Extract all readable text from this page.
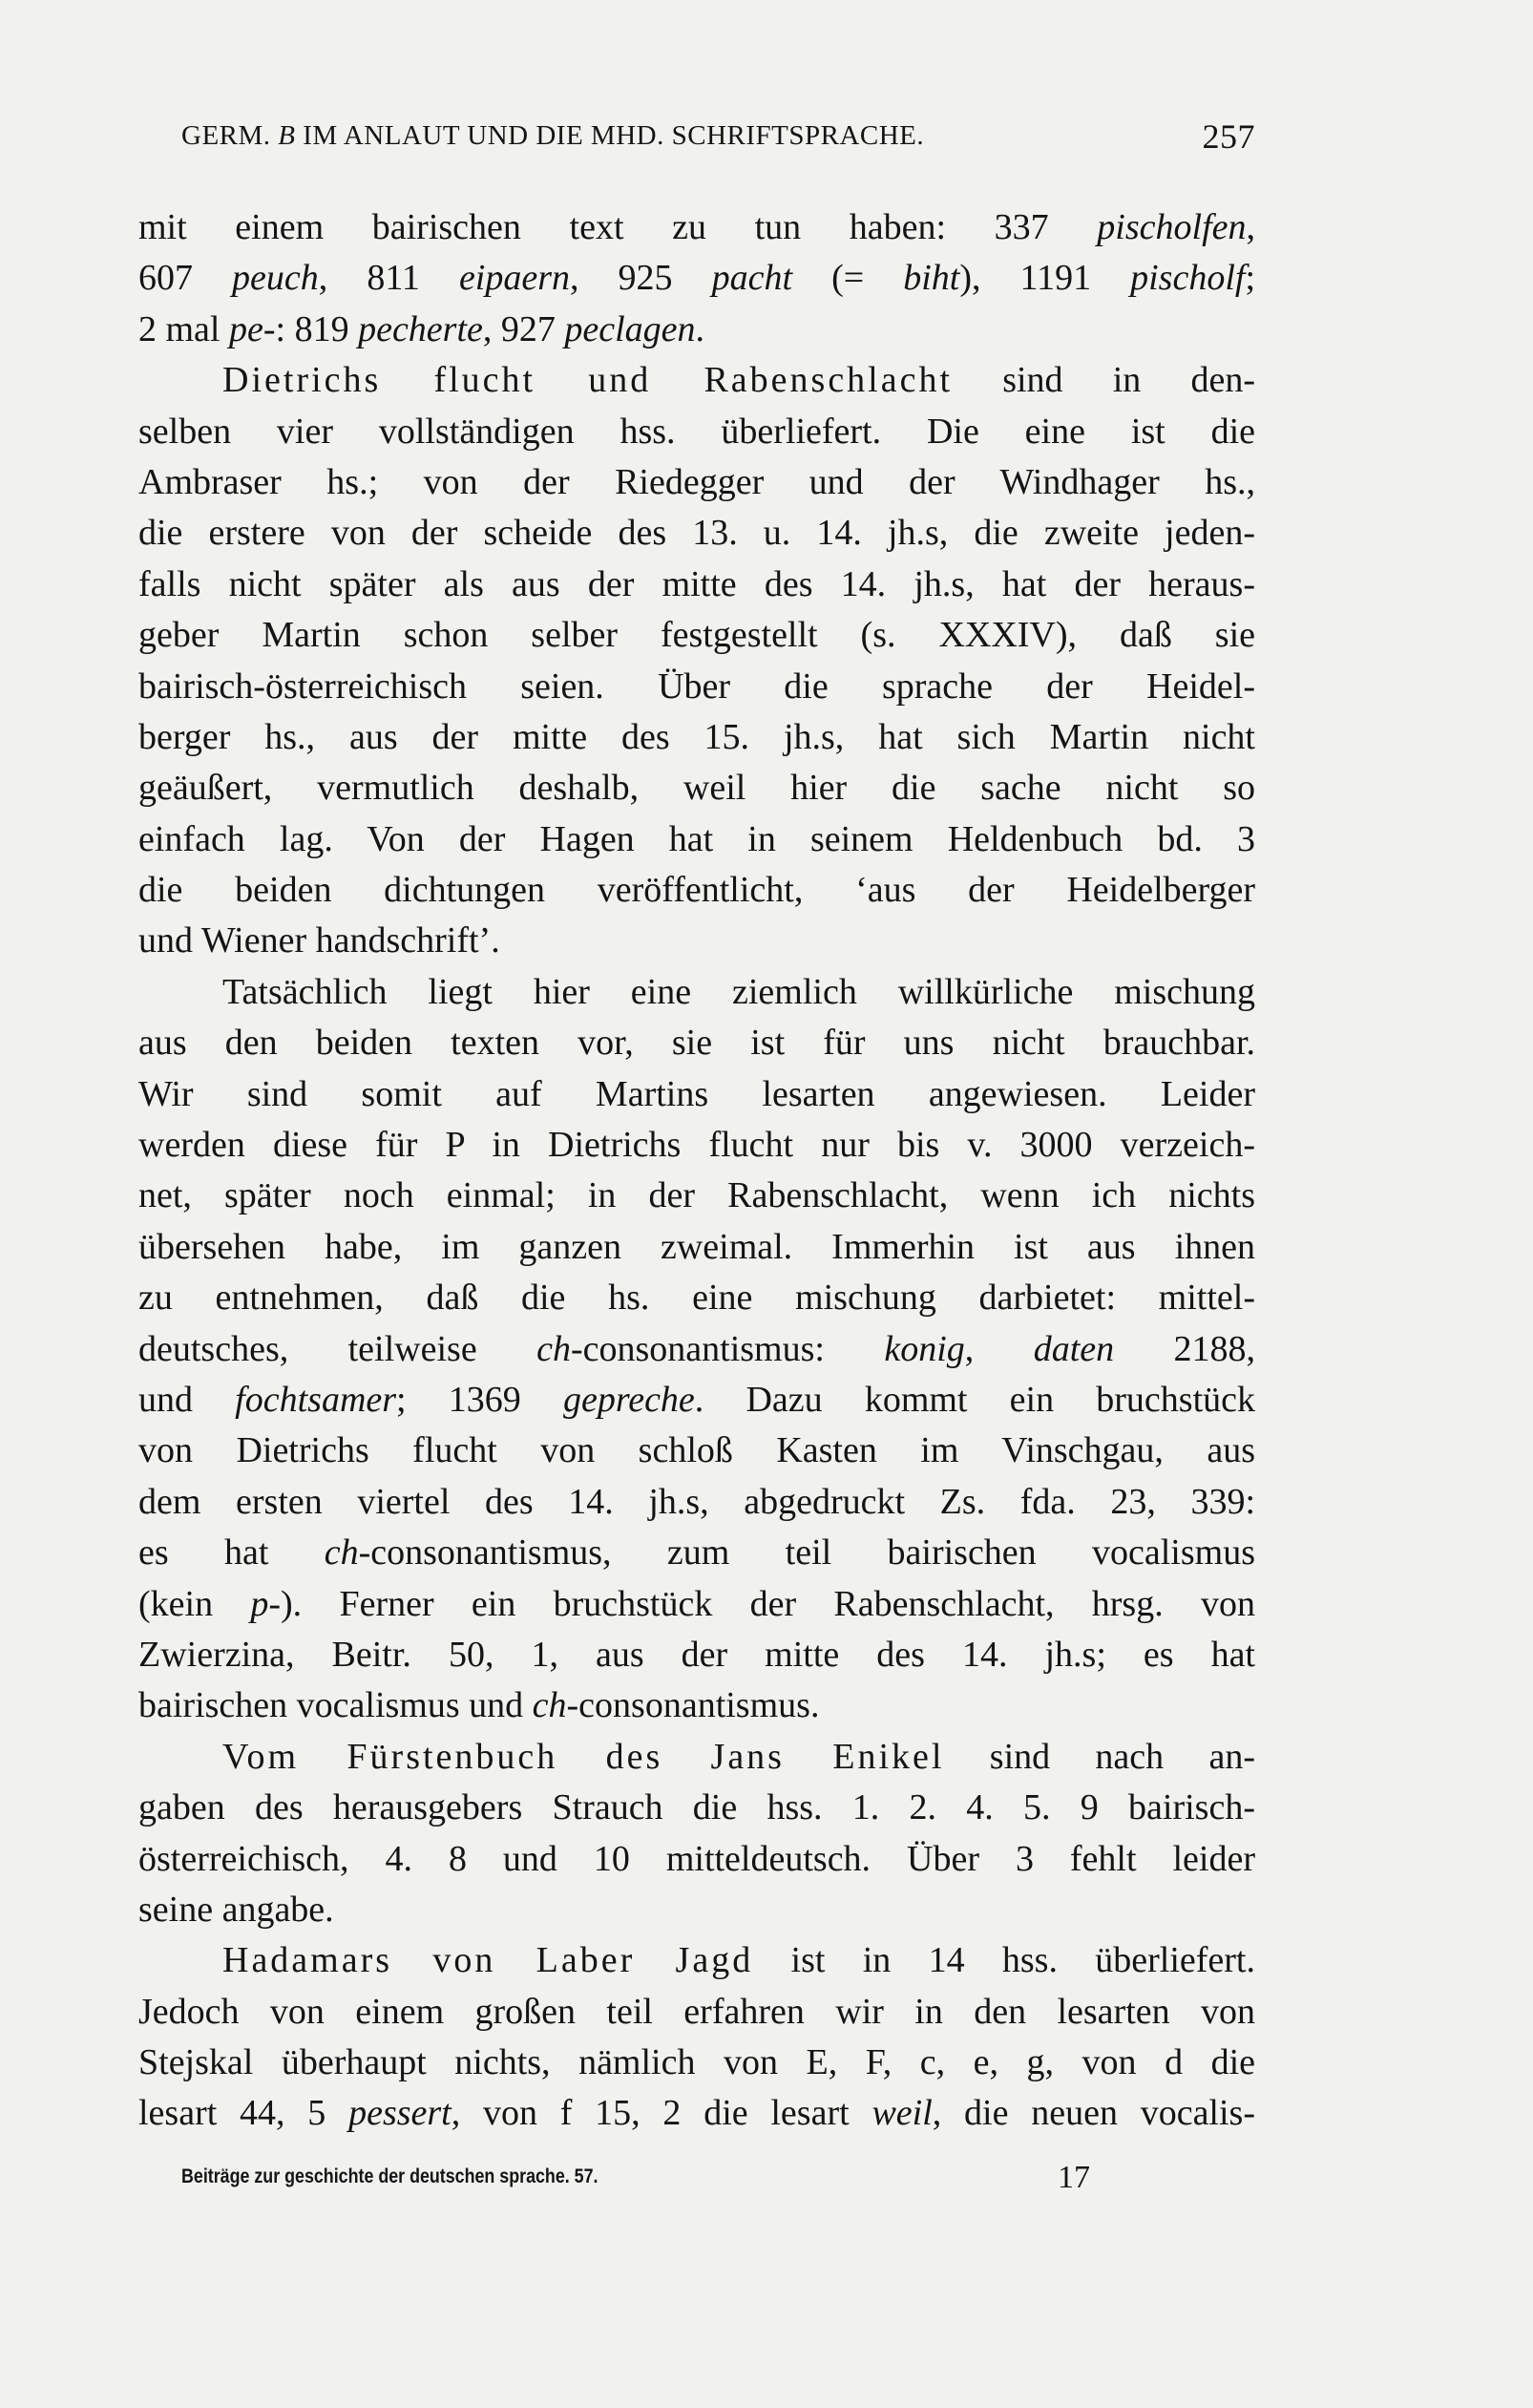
GERM. B IM ANLAUT UND DIE MHD. SCHRIFTSPRACHE.	257
mit einem bairischen text zu tun haben: 337 pischolfen,
607 peuch, 811 eipaern, 925 pacht (= biht), 1191 pischolf;
2 mal pe-: 819 pecherte, 927 peclagen.
Dietrichs flucht und Rabenschlacht sind in den-
selben vier vollständigen hss. überliefert. Die eine ist die
Ambraser hs.; von der Riedegger und der Windhager hs.,
die erstere von der scheide des 13. u. 14. jh.s, die zweite jeden-
falls nicht später als aus der mitte des 14. jh.s, hat der heraus-
geber Martin schon selber festgestellt (s. XXXIV), daß sie
bairisch-österreichisch seien. Über die sprache der Heidel-
berger hs., aus der mitte des 15. jh.s, hat sich Martin nicht
geäußert, vermutlich deshalb, weil hier die sache nicht so
einfach lag. Von der Hagen hat in seinem Heldenbuch bd. 3
die beiden dichtungen veröffentlicht, ‘aus der Heidelberger
und Wiener handschrift’.
Tatsächlich liegt hier eine ziemlich willkürliche mischung
aus den beiden texten vor, sie ist für uns nicht brauchbar.
Wir sind somit auf Martins lesarten angewiesen. Leider
werden diese für P in Dietrichs flucht nur bis v. 3000 verzeich-
net, später noch einmal; in der Rabenschlacht, wenn ich nichts
übersehen habe, im ganzen zweimal. Immerhin ist aus ihnen
zu entnehmen, daß die hs. eine mischung darbietet: mittel-
deutsches, teilweise ch-consonantismus: konig, daten 2188,
und fochtsamer; 1369 gepreche. Dazu kommt ein bruchstück
von Dietrichs flucht von schloß Kasten im Vinschgau, aus
dem ersten viertel des 14. jh.s, abgedruckt Zs. fda. 23, 339:
es hat ch-consonantismus, zum teil bairischen vocalismus
(kein p-). Ferner ein bruchstück der Rabenschlacht, hrsg. von
Zwierzina, Beitr. 50, 1, aus der mitte des 14. jh.s; es hat
bairischen vocalismus und ch-consonantismus.
Vom Fürstenbuch des Jans Enikel sind nach an-
gaben des herausgebers Strauch die hss. 1. 2. 4. 5. 9 bairisch-
österreichisch, 4. 8 und 10 mitteldeutsch. Über 3 fehlt leider
seine angabe.
Hadamars von Laber Jagd ist in 14 hss. überliefert.
Jedoch von einem großen teil erfahren wir in den lesarten von
Stejskal überhaupt nichts, nämlich von E, F, c, e, g, von d die
lesart 44, 5 pessert, von f 15, 2 die lesart weil, die neuen vocalis-
Beiträge zur geschichte der deutschen sprache. 57.	17
